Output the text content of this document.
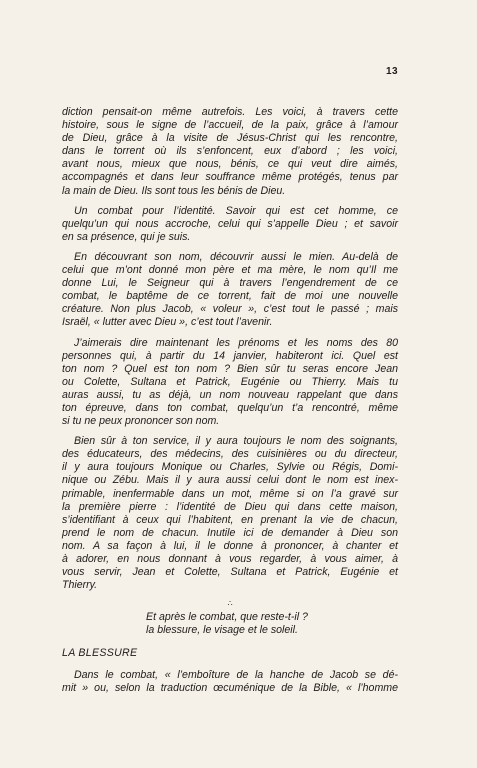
13
diction pensait-on même autrefois. Les voici, à travers cette
histoire, sous le signe de l’accueil, de la paix, grâce à l’amour
de Dieu, grâce à la visite de Jésus-Christ qui les rencontre,
dans le torrent où ils s’enfoncent, eux d’abord ; les voici,
avant nous, mieux que nous, bénis, ce qui veut dire aimés,
accompagnés et dans leur souffrance même protégés, tenus par
la main de Dieu. Ils sont tous les bénis de Dieu.
Un combat pour l’identité. Savoir qui est cet homme, ce
quelqu’un qui nous accroche, celui qui s’appelle Dieu ; et savoir
en sa présence, qui je suis.
En découvrant son nom, découvrir aussi le mien. Au-delà de
celui que m’ont donné mon père et ma mère, le nom qu’Il me
donne Lui, le Seigneur qui à travers l’engendrement de ce
combat, le baptême de ce torrent, fait de moi une nouvelle
créature. Non plus Jacob, « voleur », c’est tout le passé ; mais
Israël, « lutter avec Dieu », c’est tout l’avenir.
J’aimerais dire maintenant les prénoms et les noms des 80
personnes qui, à partir du 14 janvier, habiteront ici. Quel est
ton nom ? Quel est ton nom ? Bien sûr tu seras encore Jean
ou Colette, Sultana et Patrick, Eugénie ou Thierry. Mais tu
auras aussi, tu as déjà, un nom nouveau rappelant que dans
ton épreuve, dans ton combat, quelqu’un t’a rencontré, même
si tu ne peux prononcer son nom.
Bien sûr à ton service, il y aura toujours le nom des soignants,
des éducateurs, des médecins, des cuisinières ou du directeur,
il y aura toujours Monique ou Charles, Sylvie ou Régis, Domi-
nique ou Zébu. Mais il y aura aussi celui dont le nom est inex-
primable, inenfermable dans un mot, même si on l’a gravé sur
la première pierre : l’identité de Dieu qui dans cette maison,
s’identifiant à ceux qui l’habitent, en prenant la vie de chacun,
prend le nom de chacun. Inutile ici de demander à Dieu son
nom. A sa façon à lui, il le donne à prononcer, à chanter et
à adorer, en nous donnant à vous regarder, à vous aimer, à
vous servir, Jean et Colette, Sultana et Patrick, Eugénie et
Thierry.
∴
Et après le combat, que reste-t-il ?
la blessure, le visage et le soleil.
LA BLESSURE
Dans le combat, « l’emboîture de la hanche de Jacob se dé-
mit » ou, selon la traduction œcuménique de la Bible, « l’homme
